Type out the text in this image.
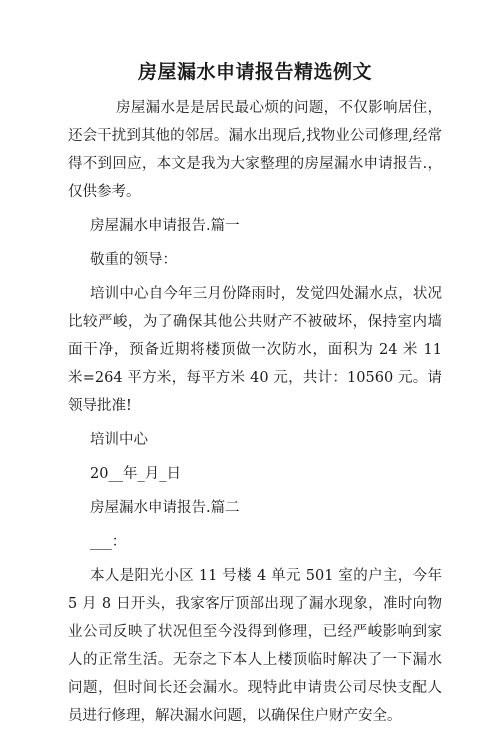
房屋漏水申请报告精选例文

房屋漏水是是居民最心烦的问题，不仅影响居住，还会干扰到其他的邻居。漏水出现后,找物业公司修理,经常得不到回应，本文是我为大家整理的房屋漏水申请报告.，仅供参考。

房屋漏水申请报告.篇一

敬重的领导：

培训中心自今年三月份降雨时，发觉四处漏水点，状况比较严峻，为了确保其他公共财产不被破坏，保持室内墙面干净，预备近期将楼顶做一次防水，面积为 24 米 11 米=264 平方米，每平方米 40 元，共计：10560 元。请领导批准!

培训中心

20__年_月_日

房屋漏水申请报告.篇二

___：

本人是阳光小区 11 号楼 4 单元 501 室的户主，今年 5 月 8 日开头，我家客厅顶部出现了漏水现象，准时向物业公司反映了状况但至今没得到修理，已经严峻影响到家人的正常生活。无奈之下本人上楼顶临时解决了一下漏水问题，但时间长还会漏水。现特此申请贵公司尽快支配人员进行修理，解决漏水问题，以确保住户财产安全。
